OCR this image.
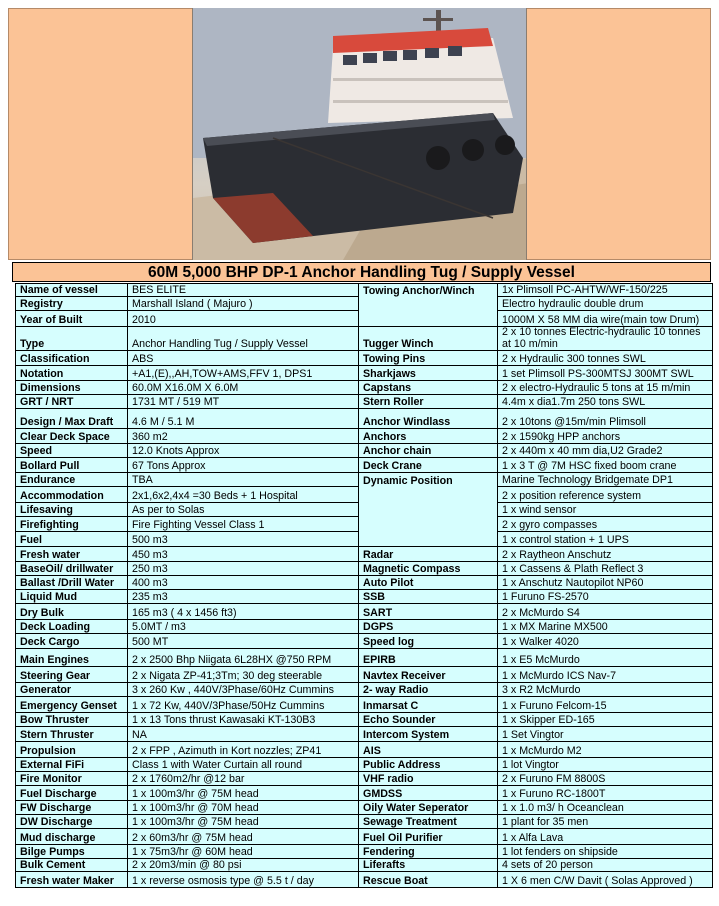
60M 5,000 BHP DP-1 Anchor Handling Tug / Supply Vessel
Name of vessel	BES ELITE	Towing Anchor/Winch	1x Plimsoll PC-AHTW/WF-150/225
Registry	Marshall Island ( Majuro )		Electro hydraulic double drum
Year of Built	2010		1000M X 58 MM dia wire(main tow Drum)
Type	Anchor Handling Tug / Supply Vessel	Tugger Winch	2 x 10 tonnes Electric-hydraulic 10 tonnes at 10 m/min
Classification	ABS	Towing Pins	2 x Hydraulic 300 tonnes SWL
Notation	+A1,(E),,AH,TOW+AMS,FFV 1, DPS1	Sharkjaws	1 set Plimsoll PS-300MTSJ 300MT SWL
Dimensions	60.0M X16.0M X 6.0M	Capstans	2 x electro-Hydraulic 5 tons at 15 m/min
GRT / NRT	1731 MT / 519 MT	Stern Roller	4.4m x dia1.7m 250 tons SWL
Design / Max Draft	4.6 M / 5.1 M	Anchor Windlass	2 x 10tons @15m/min Plimsoll
Clear Deck Space	360 m2	Anchors	2 x 1590kg HPP anchors
Speed	12.0 Knots Approx	Anchor chain	2 x 440m x 40 mm dia,U2 Grade2
Bollard Pull	67 Tons Approx	Deck Crane	1 x 3 T @ 7M HSC fixed boom crane
Endurance	TBA	Dynamic Position	Marine Technology Bridgemate DP1
Accommodation	2x1,6x2,4x4 =30 Beds + 1 Hospital		2 x position reference system
Lifesaving	As per to Solas		1 x wind sensor
Firefighting	Fire Fighting Vessel Class 1		2 x gyro compasses
Fuel	500 m3		1 x control station + 1 UPS
Fresh water	450 m3	Radar	2 x Raytheon Anschutz
BaseOil/ drillwater	250 m3	Magnetic Compass	1 x Cassens & Plath Reflect 3
Ballast /Drill Water	400 m3	Auto Pilot	1 x Anschutz Nautopilot NP60
Liquid Mud	235 m3	SSB	1 Furuno FS-2570
Dry Bulk	165 m3 ( 4 x 1456 ft3)	SART	2 x McMurdo S4
Deck Loading	5.0MT / m3	DGPS	1 x MX Marine MX500
Deck Cargo	500 MT	Speed log	1 x Walker 4020
Main Engines	2 x 2500 Bhp Niigata 6L28HX @750 RPM	EPIRB	1 x E5 McMurdo
Steering Gear	2 x Nigata ZP-41;3Tm; 30 deg steerable	Navtex Receiver	1 x McMurdo ICS Nav-7
Generator	3 x 260 Kw , 440V/3Phase/60Hz Cummins	2- way Radio	3 x R2 McMurdo
Emergency Genset	1 x 72 Kw, 440V/3Phase/50Hz Cummins	Inmarsat C	1 x Furuno Felcom-15
Bow Thruster	1 x 13 Tons thrust Kawasaki KT-130B3	Echo Sounder	1 x Skipper ED-165
Stern Thruster	NA	Intercom System	1 Set Vingtor
Propulsion	2 x FPP , Azimuth in Kort nozzles; ZP41	AIS	1 x McMurdo M2
External FiFi	Class 1 with Water Curtain all round	Public Address	1 lot Vingtor
Fire Monitor	2 x 1760m2/hr @12 bar	VHF radio	2 x Furuno FM 8800S
Fuel Discharge	1 x 100m3/hr @ 75M head	GMDSS	1 x Furuno RC-1800T
FW Discharge	1 x 100m3/hr @ 70M head	Oily Water Seperator	1 x 1.0 m3/ h Oceanclean
DW Discharge	1 x 100m3/hr @ 75M head	Sewage Treatment	1 plant for 35 men
Mud discharge	2 x 60m3/hr @ 75M head	Fuel Oil Purifier	1 x Alfa Lava
Bilge Pumps	1 x 75m3/hr @ 60M head	Fendering	1 lot fenders on shipside
Bulk Cement	2 x 20m3/min @ 80 psi	Liferafts	4 sets of 20 person
Fresh water Maker	1 x reverse osmosis type @ 5.5 t / day	Rescue Boat	1 X 6 men C/W Davit ( Solas Approved )
